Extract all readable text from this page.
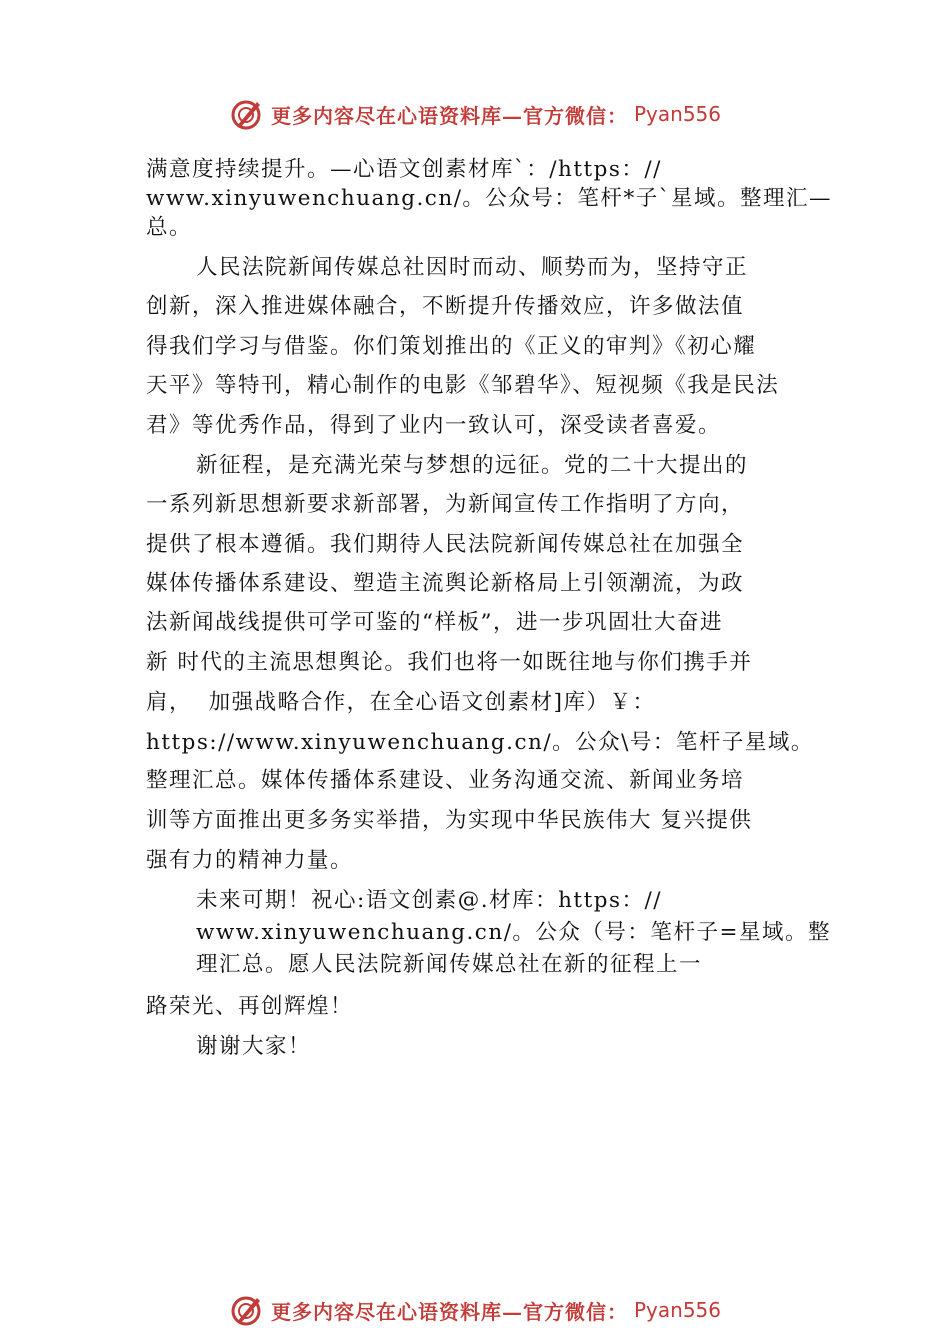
更多内容尽在心语资料库—官方微信： Pyan556
满意度持续提升。—心语文创素材库`：/https：//
www.xinyuwenchuang.cn/。公众号：笔杆*子`星域。整理汇—
总。
人民法院新闻传媒总社因时而动、顺势而为，坚持守正
创新，深入推进媒体融合，不断提升传播效应，许多做法值
得我们学习与借鉴。你们策划推出的《正义的审判》《初心耀
天平》等特刊，精心制作的电影《邹碧华》、短视频《我是民法
君》等优秀作品，得到了业内一致认可，深受读者喜爱。
新征程，是充满光荣与梦想的远征。党的二十大提出的
一系列新思想新要求新部署，为新闻宣传工作指明了方向，
提供了根本遵循。我们期待人民法院新闻传媒总社在加强全
媒体传播体系建设、塑造主流舆论新格局上引领潮流，为政
法新闻战线提供可学可鉴的“样板”，进一步巩固壮大奋进
新 时代的主流思想舆论。我们也将一如既往地与你们携手并
肩，  加强战略合作，在全心语文创素材]库）￥：
https://www.xinyuwenchuang.cn/。公众\号：笔杆子星域。
整理汇总。媒体传播体系建设、业务沟通交流、新闻业务培
训等方面推出更多务实举措，为实现中华民族伟大 复兴提供
强有力的精神力量。
未来可期！祝心:语文创素@.材库：https：//
www.xinyuwenchuang.cn/。公众（号：笔杆子=星域。整
理汇总。愿人民法院新闻传媒总社在新的征程上一
路荣光、再创辉煌！
谢谢大家！
更多内容尽在心语资料库—官方微信： Pyan556
